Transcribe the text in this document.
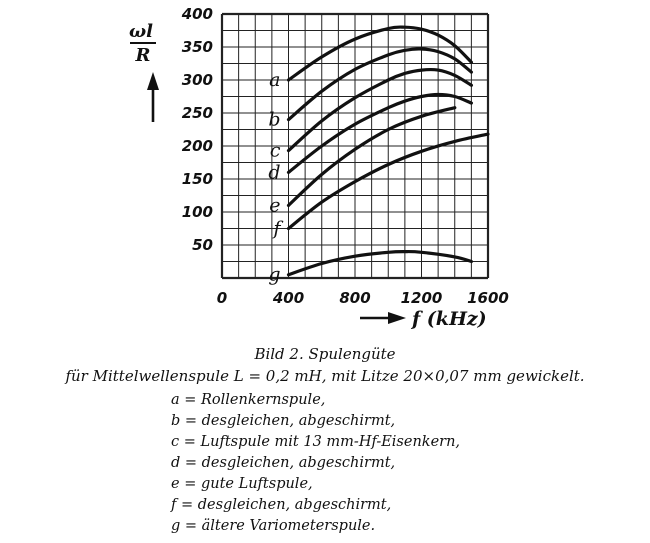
a
b
c
d
e
f
g
400
350
300
250
200
150
100
50
0	400 800 1200 1600
ωl
R
f (kHz)
Bild 2. Spulengüte
für Mittelwellenspule L = 0,2 mH, mit Litze 20×0,07 mm gewickelt.
a = Rollenkernspule,
b = desgleichen, abgeschirmt,
c = Luftspule mit 13 mm-Hf-Eisenkern,
d = desgleichen, abgeschirmt,
e = gute Luftspule,
f = desgleichen, abgeschirmt,
g = ältere Variometerspule.
